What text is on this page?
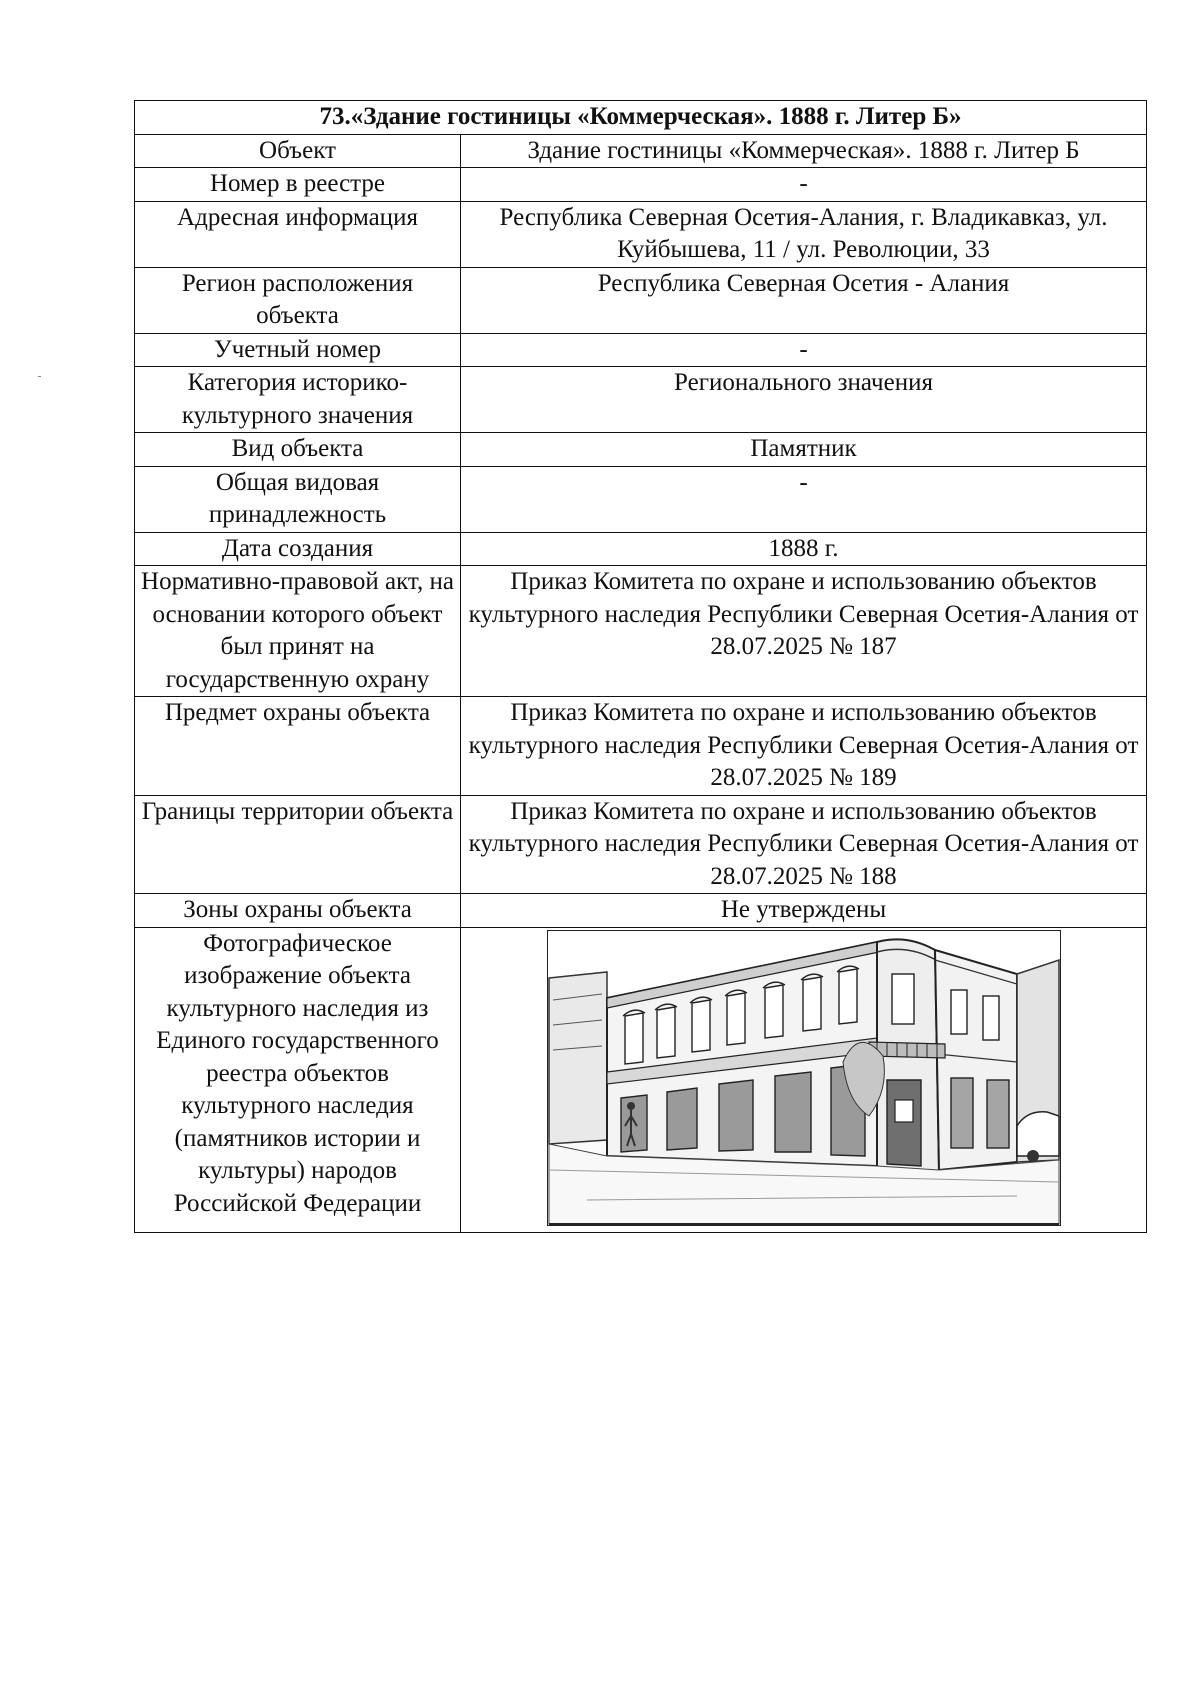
73.«Здание гостиницы «Коммерческая». 1888 г. Литер Б»	
Объект	Здание гостиницы «Коммерческая». 1888 г. Литер Б
Номер в реестре	-
Адресная информация	Республика Северная Осетия-Алания, г. Владикавказ, ул. Куйбышева, 11 / ул. Революции, 33
Регион расположения объекта	Республика Северная Осетия - Алания
Учетный номер	-
Категория историко-культурного значения	Регионального значения
Вид объекта	Памятник
Общая видовая принадлежность	-
Дата создания	1888 г.
Нормативно-правовой акт, на основании которого объект был принят на государственную охрану	Приказ Комитета по охране и использованию объектов культурного наследия Республики Северная Осетия-Алания от 28.07.2025 № 187
Предмет охраны объекта	Приказ Комитета по охране и использованию объектов культурного наследия Республики Северная Осетия-Алания от 28.07.2025 № 189
Границы территории объекта	Приказ Комитета по охране и использованию объектов культурного наследия Республики Северная Осетия-Алания от 28.07.2025 № 188
Зоны охраны объекта	Не утверждены
Фотографическое изображение объекта культурного наследия из Единого государственного реестра объектов культурного наследия (памятников истории и культуры) народов Российской Федерации	
